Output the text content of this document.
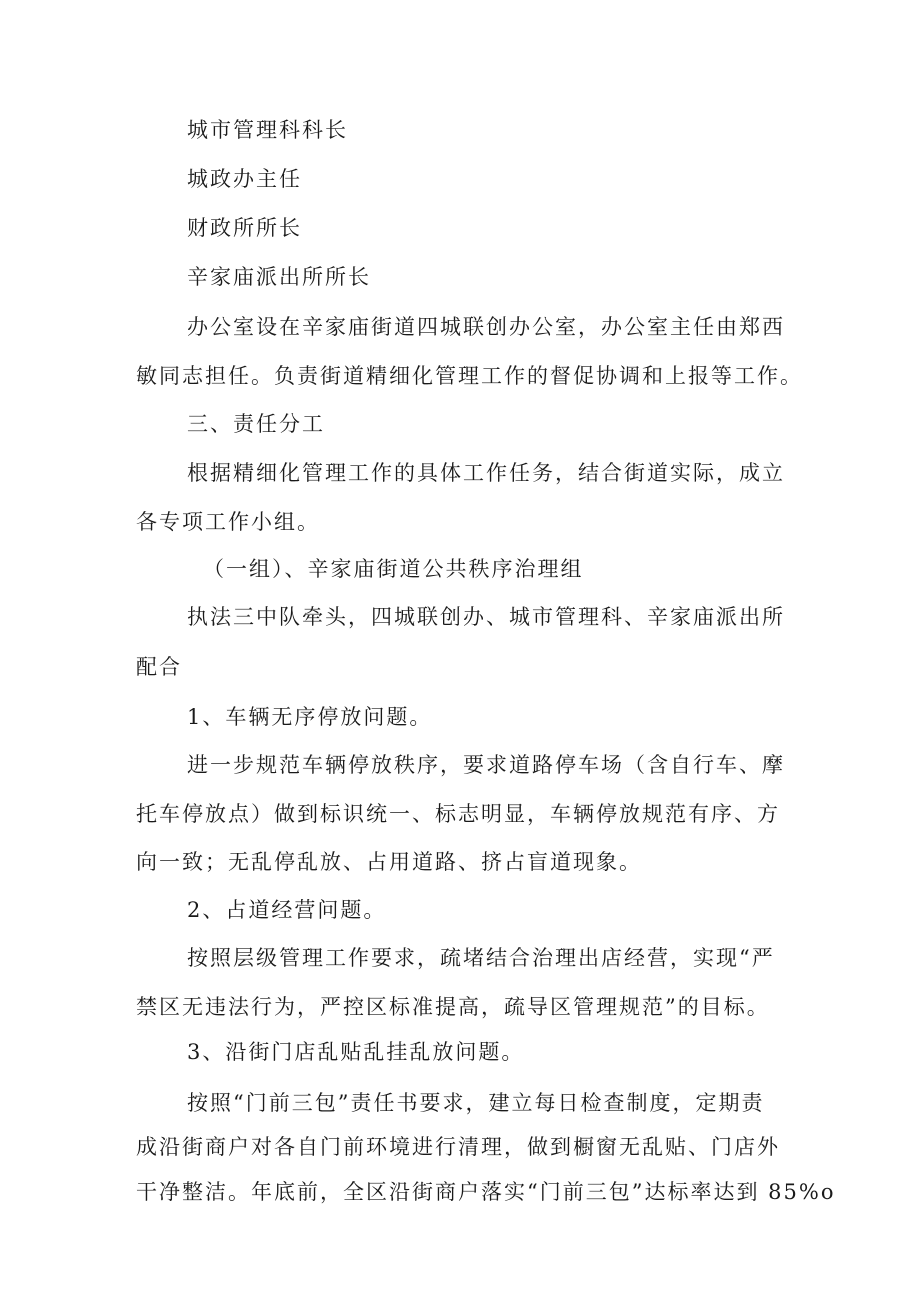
城市管理科科长
城政办主任
财政所所长
辛家庙派出所所长
办公室设在辛家庙街道四城联创办公室，办公室主任由郑西
敏同志担任。负责街道精细化管理工作的督促协调和上报等工作。
三、责任分工
根据精细化管理工作的具体工作任务，结合街道实际，成立
各专项工作小组。
（一组）、辛家庙街道公共秩序治理组
执法三中队牵头，四城联创办、城市管理科、辛家庙派出所
配合
1、车辆无序停放问题。
进一步规范车辆停放秩序，要求道路停车场（含自行车、摩
托车停放点）做到标识统一、标志明显，车辆停放规范有序、方
向一致；无乱停乱放、占用道路、挤占盲道现象。
2、占道经营问题。
按照层级管理工作要求，疏堵结合治理出店经营，实现“严
禁区无违法行为，严控区标准提高，疏导区管理规范”的目标。
3、沿街门店乱贴乱挂乱放问题。
按照“门前三包”责任书要求，建立每日检查制度，定期责
成沿街商户对各自门前环境进行清理，做到橱窗无乱贴、门店外
干净整洁。年底前，全区沿街商户落实“门前三包”达标率达到 85%o
